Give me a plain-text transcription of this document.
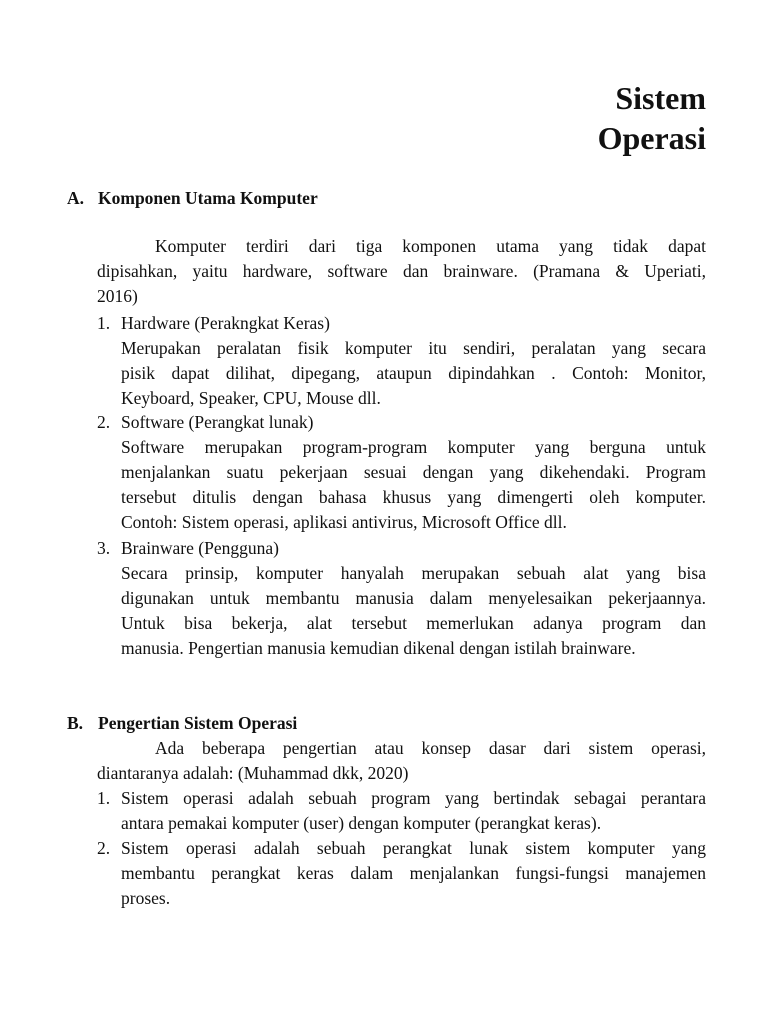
Sistem
Operasi
A. Komponen Utama Komputer
Komputer terdiri dari tiga komponen utama yang tidak dapat
dipisahkan, yaitu hardware, software dan brainware. (Pramana & Uperiati,
2016)
1. Hardware (Perakngkat Keras)
Merupakan peralatan fisik komputer itu sendiri, peralatan yang secara
pisik dapat dilihat, dipegang, ataupun dipindahkan . Contoh: Monitor,
Keyboard, Speaker, CPU, Mouse dll.
2. Software (Perangkat lunak)
Software merupakan program-program komputer yang berguna untuk
menjalankan suatu pekerjaan sesuai dengan yang dikehendaki. Program
tersebut ditulis dengan bahasa khusus yang dimengerti oleh komputer.
Contoh: Sistem operasi, aplikasi antivirus, Microsoft Office dll.
3. Brainware (Pengguna)
Secara prinsip, komputer hanyalah merupakan sebuah alat yang bisa
digunakan untuk membantu manusia dalam menyelesaikan pekerjaannya.
Untuk bisa bekerja, alat tersebut memerlukan adanya program dan
manusia. Pengertian manusia kemudian dikenal dengan istilah brainware.
B. Pengertian Sistem Operasi
Ada beberapa pengertian atau konsep dasar dari sistem operasi,
diantaranya adalah: (Muhammad dkk, 2020)
1. Sistem operasi adalah sebuah program yang bertindak sebagai perantara
antara pemakai komputer (user) dengan komputer (perangkat keras).
2. Sistem operasi adalah sebuah perangkat lunak sistem komputer yang
membantu perangkat keras dalam menjalankan fungsi-fungsi manajemen
proses.
